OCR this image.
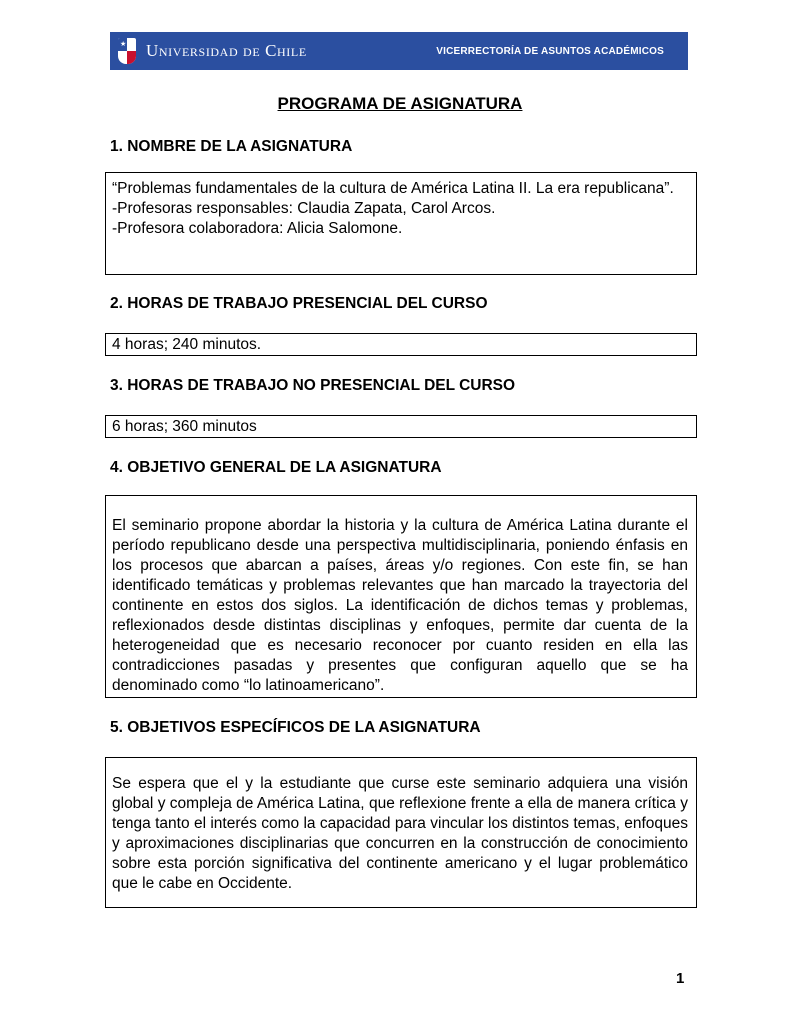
★ Universidad de Chile	VICERRECTORÍA DE ASUNTOS ACADÉMICOS
PROGRAMA DE ASIGNATURA
1. NOMBRE DE LA ASIGNATURA
“Problemas fundamentales de la cultura de América Latina II. La era republicana”.
-Profesoras responsables: Claudia Zapata, Carol Arcos.
-Profesora colaboradora: Alicia Salomone.
2. HORAS DE TRABAJO PRESENCIAL DEL CURSO
4 horas; 240 minutos.
3. HORAS DE TRABAJO NO PRESENCIAL DEL CURSO
6 horas; 360 minutos
4. OBJETIVO GENERAL DE LA ASIGNATURA
El seminario propone abordar la historia y la cultura de América Latina durante el período republicano desde una perspectiva multidisciplinaria, poniendo énfasis en los procesos que abarcan a países, áreas y/o regiones. Con este fin, se han identificado temáticas y problemas relevantes que han marcado la trayectoria del continente en estos dos siglos. La identificación de dichos temas y problemas, reflexionados desde distintas disciplinas y enfoques, permite dar cuenta de la heterogeneidad que es necesario reconocer por cuanto residen en ella las contradicciones pasadas y presentes que configuran aquello que se ha denominado como “lo latinoamericano”.
5. OBJETIVOS ESPECÍFICOS DE LA ASIGNATURA
Se espera que el y la estudiante que curse este seminario adquiera una visión global y compleja de América Latina, que reflexione frente a ella de manera crítica y tenga tanto el interés como la capacidad para vincular los distintos temas, enfoques y aproximaciones disciplinarias que concurren en la construcción de conocimiento sobre esta porción significativa del continente americano y el lugar problemático que le cabe en Occidente.
1
